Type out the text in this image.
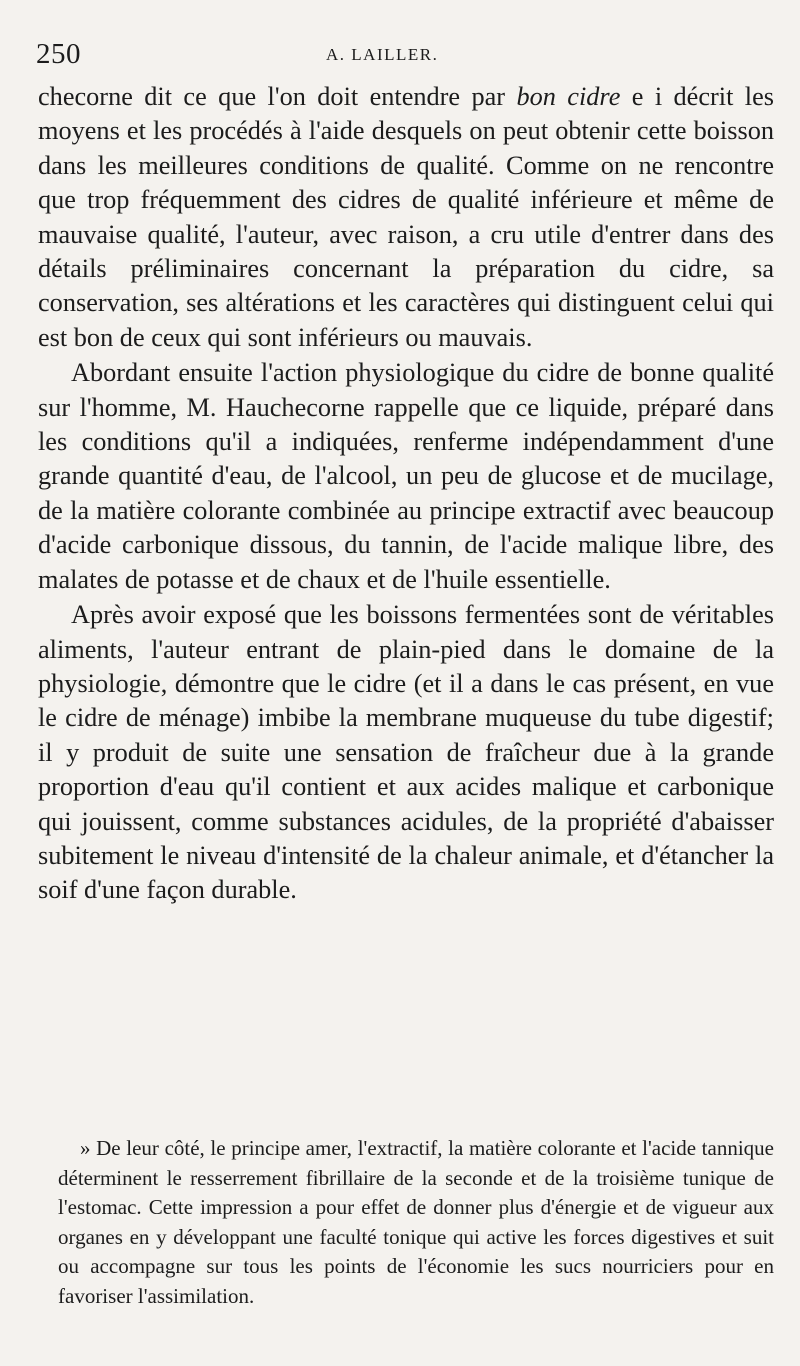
250	A. LAILLER.

checorne dit ce que l'on doit entendre par bon cidre e i décrit les moyens et les procédés à l'aide desquels on peut obtenir cette boisson dans les meilleures conditions de qualité. Comme on ne rencontre que trop fréquemment des cidres de qualité inférieure et même de mauvaise qualité, l'auteur, avec raison, a cru utile d'entrer dans des détails préliminaires concernant la préparation du cidre, sa conservation, ses altérations et les caractères qui distinguent celui qui est bon de ceux qui sont inférieurs ou mauvais.

Abordant ensuite l'action physiologique du cidre de bonne qualité sur l'homme, M. Hauchecorne rappelle que ce liquide, préparé dans les conditions qu'il a indiquées, renferme indépendamment d'une grande quantité d'eau, de l'alcool, un peu de glucose et de mucilage, de la matière colorante combinée au principe extractif avec beaucoup d'acide carbonique dissous, du tannin, de l'acide malique libre, des malates de potasse et de chaux et de l'huile essentielle.

Après avoir exposé que les boissons fermentées sont de véritables aliments, l'auteur entrant de plain-pied dans le domaine de la physiologie, démontre que le cidre (et il a dans le cas présent, en vue le cidre de ménage) imbibe la membrane muqueuse du tube digestif; il y produit de suite une sensation de fraîcheur due à la grande proportion d'eau qu'il contient et aux acides malique et carbonique qui jouissent, comme substances acidules, de la propriété d'abaisser subitement le niveau d'intensité de la chaleur animale, et d'étancher la soif d'une façon durable.

» De leur côté, le principe amer, l'extractif, la matière colorante et l'acide tannique déterminent le resserrement fibrillaire de la seconde et de la troisième tunique de l'estomac. Cette impression a pour effet de donner plus d'énergie et de vigueur aux organes en y développant une faculté tonique qui active les forces digestives et suit ou accompagne sur tous les points de l'économie les sucs nourriciers pour en favoriser l'assimilation.
